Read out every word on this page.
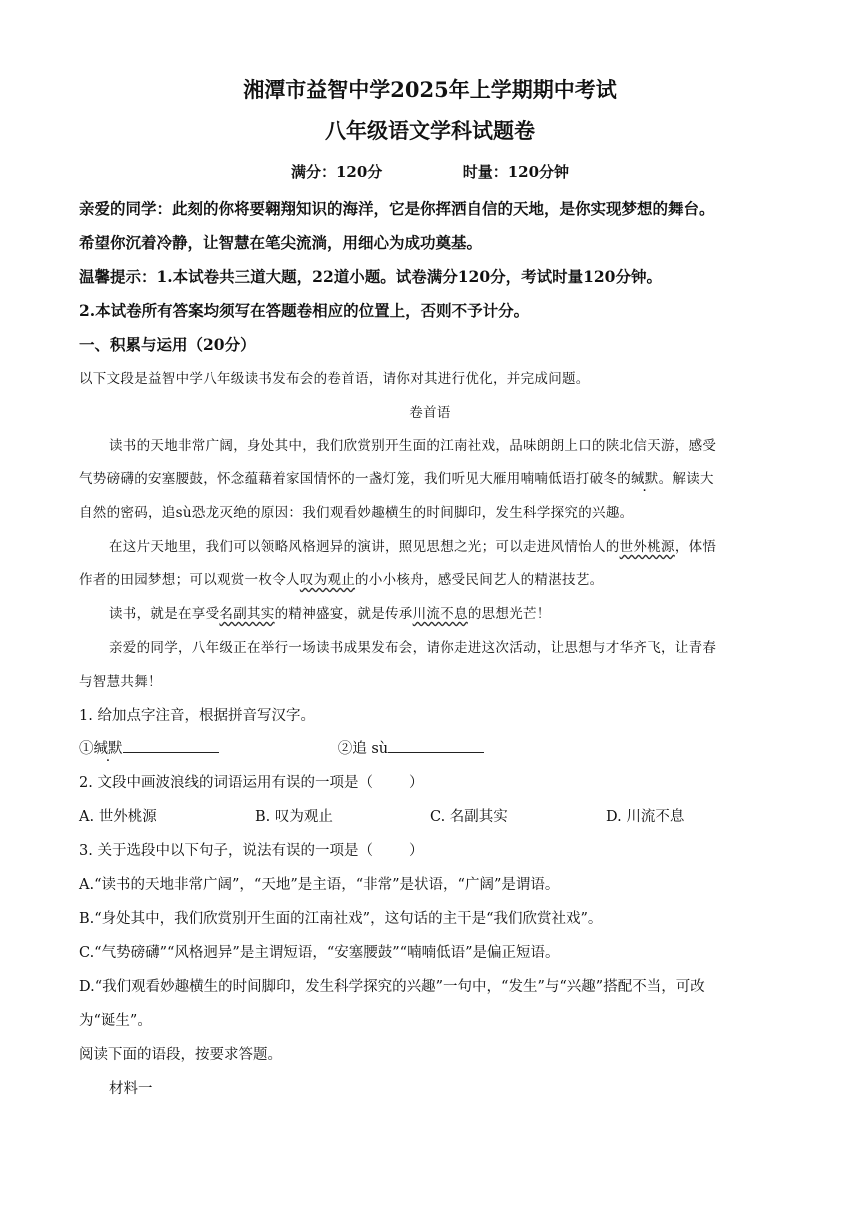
湘潭市益智中学2025年上学期期中考试
八年级语文学科试题卷
满分：120分	时量：120分钟
亲爱的同学：此刻的你将要翱翔知识的海洋，它是你挥洒自信的天地，是你实现梦想的舞台。
希望你沉着冷静，让智慧在笔尖流淌，用细心为成功奠基。
温馨提示：1.本试卷共三道大题，22道小题。试卷满分120分，考试时量120分钟。
2.本试卷所有答案均须写在答题卷相应的位置上，否则不予计分。
一、积累与运用（20分）
以下文段是益智中学八年级读书发布会的卷首语，请你对其进行优化，并完成问题。
卷首语
读书的天地非常广阔，身处其中，我们欣赏别开生面的江南社戏，品味朗朗上口的陕北信天游，感受
气势磅礴的安塞腰鼓，怀念蕴藉着家国情怀的一盏灯笼，我们听见大雁用喃喃低语打破冬的缄默。解读大
自然的密码，追sù恐龙灭绝的原因：我们观看妙趣横生的时间脚印，发生科学探究的兴趣。
在这片天地里，我们可以领略风格迥异的演讲，照见思想之光；可以走进风情怡人的世外桃源，体悟
作者的田园梦想；可以观赏一枚令人叹为观止的小小核舟，感受民间艺人的精湛技艺。
读书，就是在享受名副其实的精神盛宴，就是传承川流不息的思想光芒！
亲爱的同学，八年级正在举行一场读书成果发布会，请你走进这次活动，让思想与才华齐飞，让青春
与智慧共舞！
1. 给加点字注音，根据拼音写汉字。
①缄默	②追 sù
2. 文段中画波浪线的词语运用有误的一项是（ ）
A. 世外桃源	B. 叹为观止	C. 名副其实	D. 川流不息
3. 关于选段中以下句子，说法有误的一项是（ ）
A.“读书的天地非常广阔”，“天地”是主语，“非常”是状语，“广阔”是谓语。
B.“身处其中，我们欣赏别开生面的江南社戏”，这句话的主干是“我们欣赏社戏”。
C.“气势磅礴”“风格迥异”是主谓短语，“安塞腰鼓”“喃喃低语”是偏正短语。
D.“我们观看妙趣横生的时间脚印，发生科学探究的兴趣”一句中，“发生”与“兴趣”搭配不当，可改
为“诞生”。
阅读下面的语段，按要求答题。
材料一
